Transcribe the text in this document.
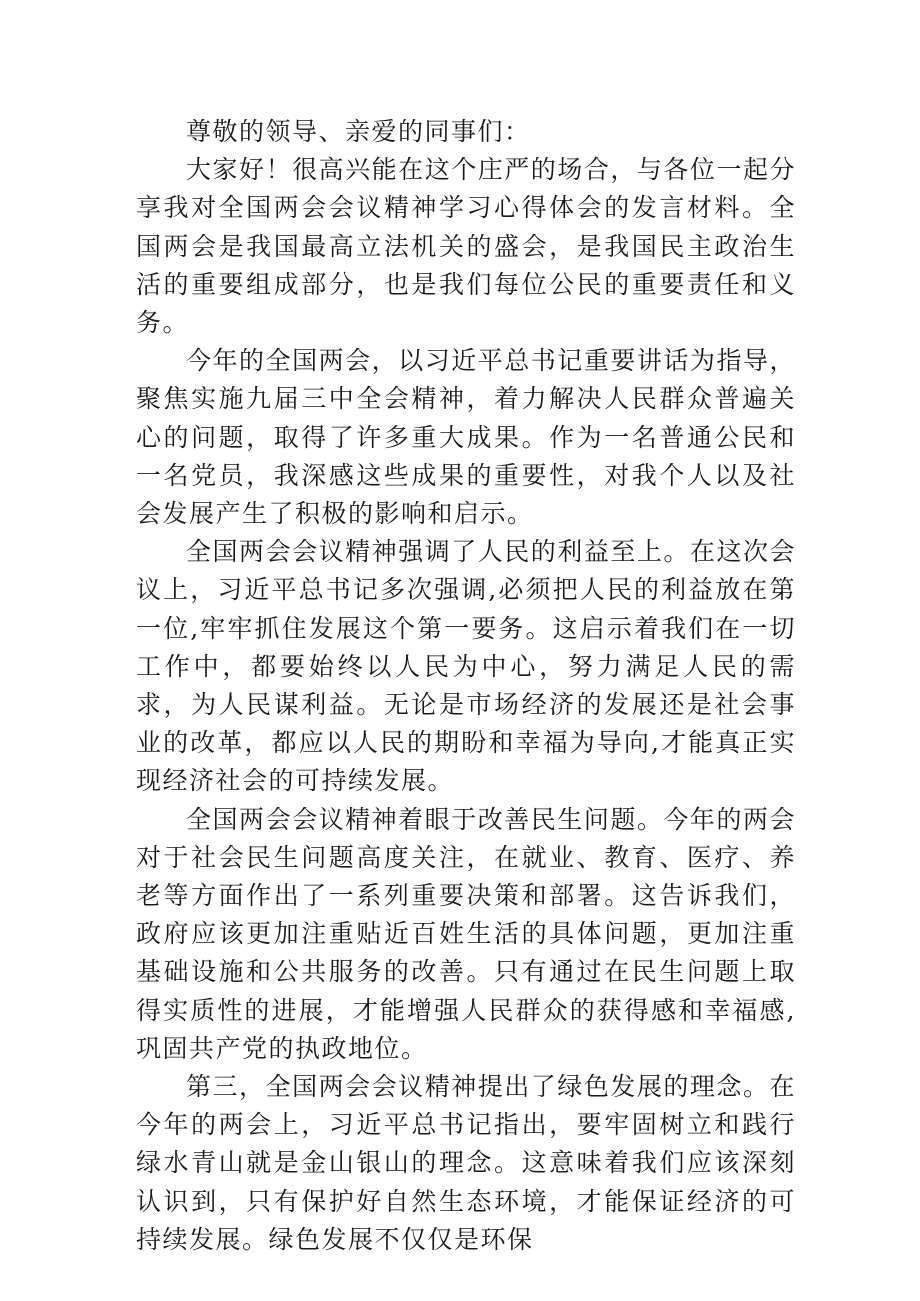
尊敬的领导、亲爱的同事们：

大家好！很高兴能在这个庄严的场合，与各位一起分享我对全国两会会议精神学习心得体会的发言材料。全国两会是我国最高立法机关的盛会，是我国民主政治生活的重要组成部分，也是我们每位公民的重要责任和义务。

今年的全国两会，以习近平总书记重要讲话为指导，聚焦实施九届三中全会精神，着力解决人民群众普遍关心的问题，取得了许多重大成果。作为一名普通公民和一名党员，我深感这些成果的重要性，对我个人以及社会发展产生了积极的影响和启示。

全国两会会议精神强调了人民的利益至上。在这次会议上，习近平总书记多次强调,必须把人民的利益放在第一位,牢牢抓住发展这个第一要务。这启示着我们在一切工作中，都要始终以人民为中心，努力满足人民的需求，为人民谋利益。无论是市场经济的发展还是社会事业的改革，都应以人民的期盼和幸福为导向,才能真正实现经济社会的可持续发展。

全国两会会议精神着眼于改善民生问题。今年的两会对于社会民生问题高度关注，在就业、教育、医疗、养老等方面作出了一系列重要决策和部署。这告诉我们，政府应该更加注重贴近百姓生活的具体问题，更加注重基础设施和公共服务的改善。只有通过在民生问题上取得实质性的进展，才能增强人民群众的获得感和幸福感,巩固共产党的执政地位。

第三，全国两会会议精神提出了绿色发展的理念。在今年的两会上，习近平总书记指出，要牢固树立和践行绿水青山就是金山银山的理念。这意味着我们应该深刻认识到，只有保护好自然生态环境，才能保证经济的可持续发展。绿色发展不仅仅是环保
